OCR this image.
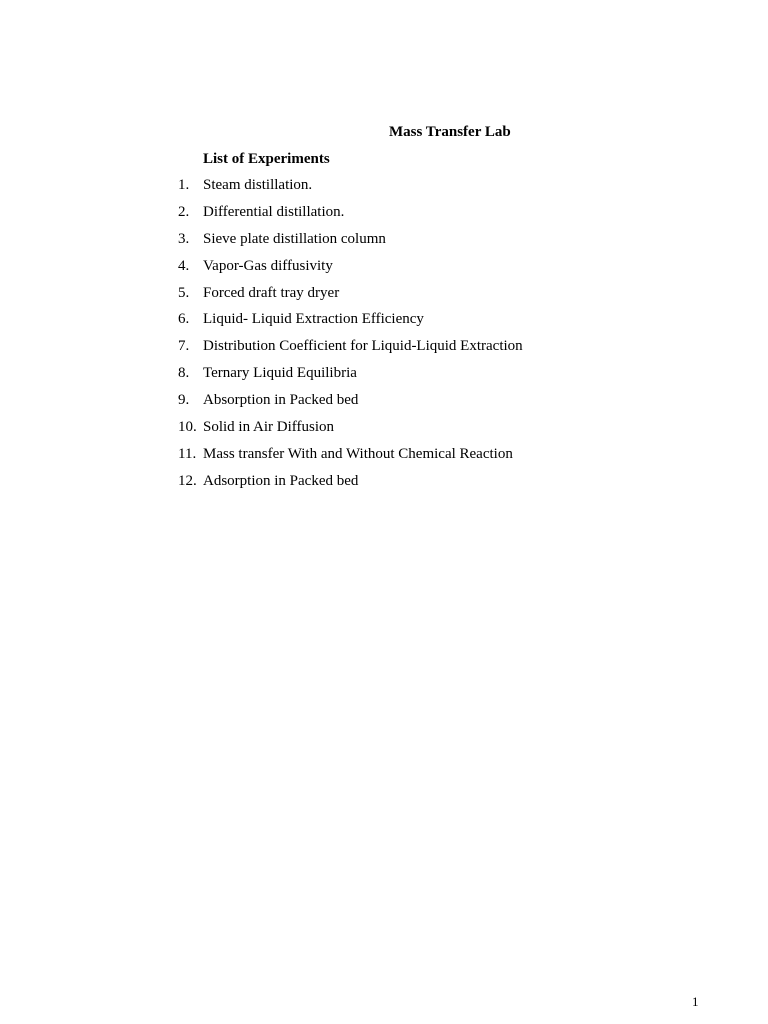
Mass Transfer Lab
List of Experiments
1. Steam distillation.
2. Differential distillation.
3. Sieve plate distillation column
4. Vapor-Gas diffusivity
5. Forced draft tray dryer
6. Liquid- Liquid Extraction Efficiency
7. Distribution Coefficient for Liquid-Liquid Extraction
8. Ternary Liquid Equilibria
9. Absorption in Packed bed
10. Solid in Air Diffusion
11. Mass transfer With and Without Chemical Reaction
12. Adsorption in Packed bed
1
